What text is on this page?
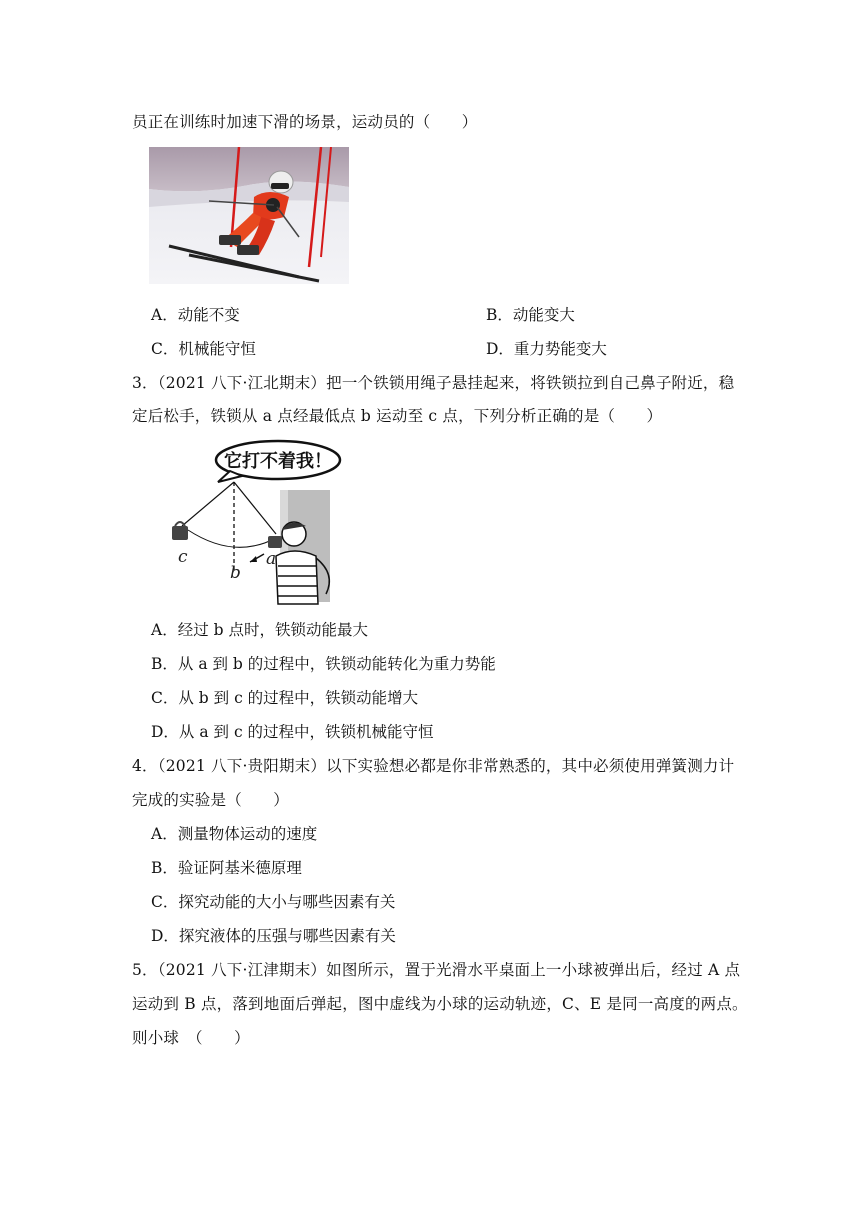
员正在训练时加速下滑的场景，运动员的（　　）
A．动能不变	B．动能变大
C．机械能守恒	D．重力势能变大
3．（2021 八下·江北期末）把一个铁锁用绳子悬挂起来，将铁锁拉到自己鼻子附近，稳
定后松手，铁锁从 a 点经最低点 b 运动至 c 点，下列分析正确的是（　　）
c
b
a
它打不着我！
A．经过 b 点时，铁锁动能最大
B．从 a 到 b 的过程中，铁锁动能转化为重力势能
C．从 b 到 c 的过程中，铁锁动能增大
D．从 a 到 c 的过程中，铁锁机械能守恒
4．（2021 八下·贵阳期末）以下实验想必都是你非常熟悉的，其中必须使用弹簧测力计
完成的实验是（　　）
A．测量物体运动的速度
B．验证阿基米德原理
C．探究动能的大小与哪些因素有关
D．探究液体的压强与哪些因素有关
5．（2021 八下·江津期末）如图所示，置于光滑水平桌面上一小球被弹出后，经过 A 点
运动到 B 点，落到地面后弹起，图中虚线为小球的运动轨迹，C、E 是同一高度的两点。
则小球　（　　）
